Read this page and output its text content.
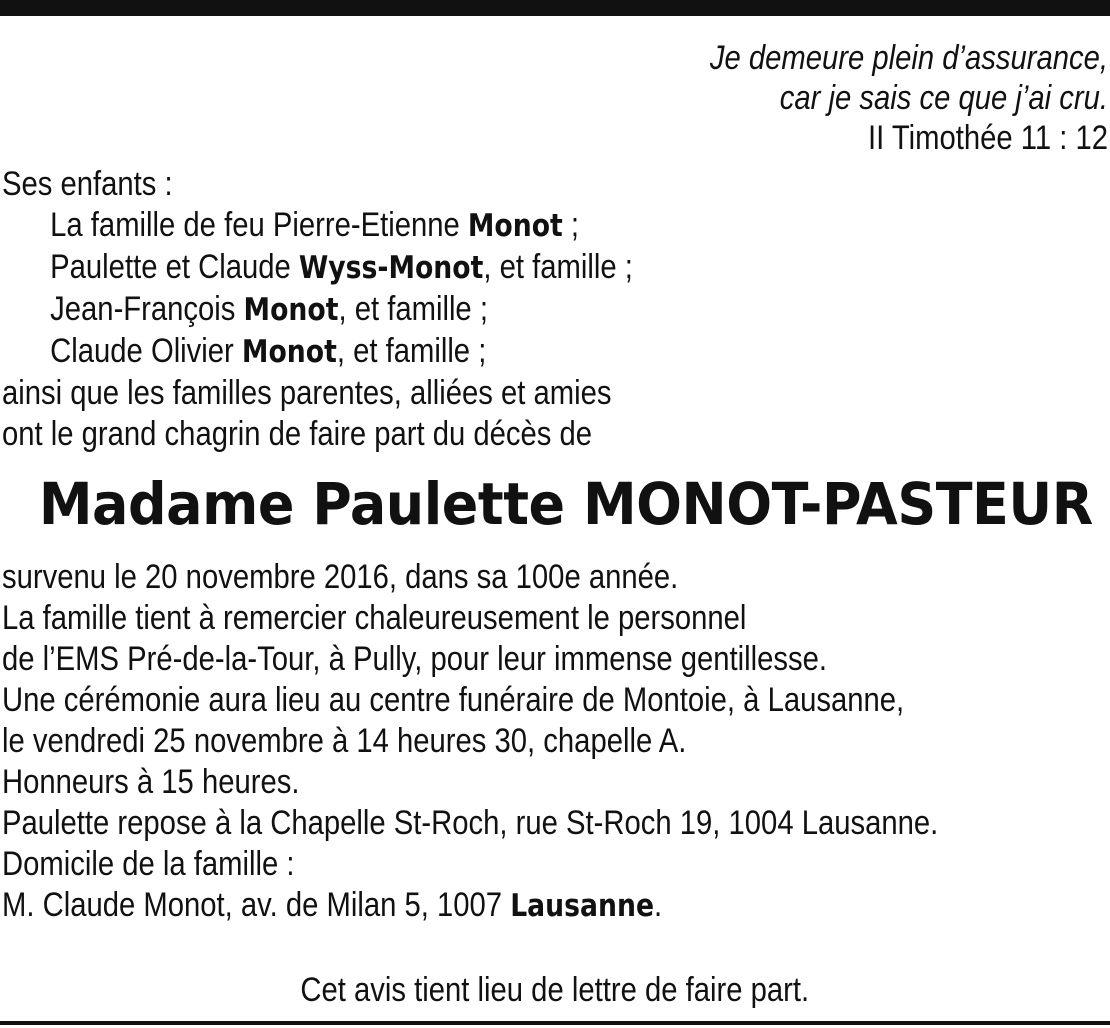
Je demeure plein d’assurance,
car je sais ce que j’ai cru.
II Timothée 11 : 12
Ses enfants :
La famille de feu Pierre-Etienne Monot ;
Paulette et Claude Wyss-Monot, et famille ;
Jean-François Monot, et famille ;
Claude Olivier Monot, et famille ;
ainsi que les familles parentes, alliées et amies
ont le grand chagrin de faire part du décès de
Madame Paulette MONOT-PASTEUR
survenu le 20 novembre 2016, dans sa 100e année.
La famille tient à remercier chaleureusement le personnel
de l’EMS Pré-de-la-Tour, à Pully, pour leur immense gentillesse.
Une cérémonie aura lieu au centre funéraire de Montoie, à Lausanne,
le vendredi 25 novembre à 14 heures 30, chapelle A.
Honneurs à 15 heures.
Paulette repose à la Chapelle St-Roch, rue St-Roch 19, 1004 Lausanne.
Domicile de la famille :
M. Claude Monot, av. de Milan 5, 1007 Lausanne.
Cet avis tient lieu de lettre de faire part.
